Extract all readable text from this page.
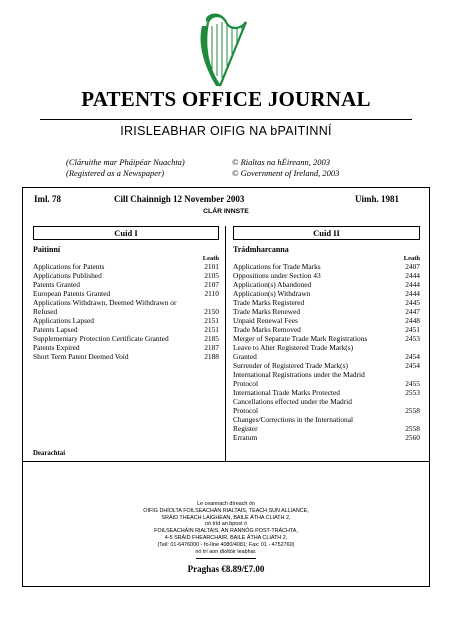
PATENTS OFFICE JOURNAL
IRISLEABHAR OIFIG NA bPAITINNÍ
(Cláruithe mar Pháipéar Nuachta)
(Registered as a Newspaper)
© Rialtas na hÉireann, 2003
© Government of Ireland, 2003
Iml. 78	Cill Chainnigh 12 November 2003	Uimh. 1981
CLÁR INNSTE
Cuid I
Paitinní
Leath
Applications for Patents	2101
Applications Published	2105
Patents Granted	2107
European Patents Granted	2110
Applications Withdrawn, Deemed Withdrawn or
Refused	2150
Applications Lapsed	2151
Patents Lapsed	2151
Supplementary Protection Certificate Granted	2185
Patents Expired	2187
Short Term Patent Deemed Void	2188
Cuid II
Trádmharcanna
Leath
Applications for Trade Marks	2407
Oppositions under Section 43	2444
Application(s) Abandoned	2444
Application(s) Withdrawn	2444
Trade Marks Registered	2445
Trade Marks Renewed	2447
Unpaid Renewal Fees	2448
Trade Marks Removed	2451
Merger of Separate Trade Mark Registrations	2453
Leave to Alter Registered Trade Mark(s)
Granted	2454
Surrender of Registered Trade Mark(s)	2454
International Registrations under the Madrid
Protocol	2455
International Trade Marks Protected	2553
Cancellations effected under the Madrid
Protocol	2558
Changes/Corrections in the International
Register	2558
Erratum	2560
Dearachtaí
Le ceannach díreach ón
OIFIG DHÍOLTA FOILSEACHÁN RIALTAIS, TEACH SUN ALLIANCE,
SRÁID THEACH LAIGHEAN, BAILE ÁTHA CLIATH 2,
nó tríd an bpost ó
FOILSEACHÁIN RIALTAIS, AN RANNÓG POST-TRÁCHTA,
4-5 SRÁID FHEARCHAIR, BAILE ÁTHA CLIATH 2,
(Teil: 01-6476000 - fo-líne 4080/4081; Fax: 01 - 4752760)
nó trí aon díoltóir leabhar.
Praghas €8.89/£7.00
